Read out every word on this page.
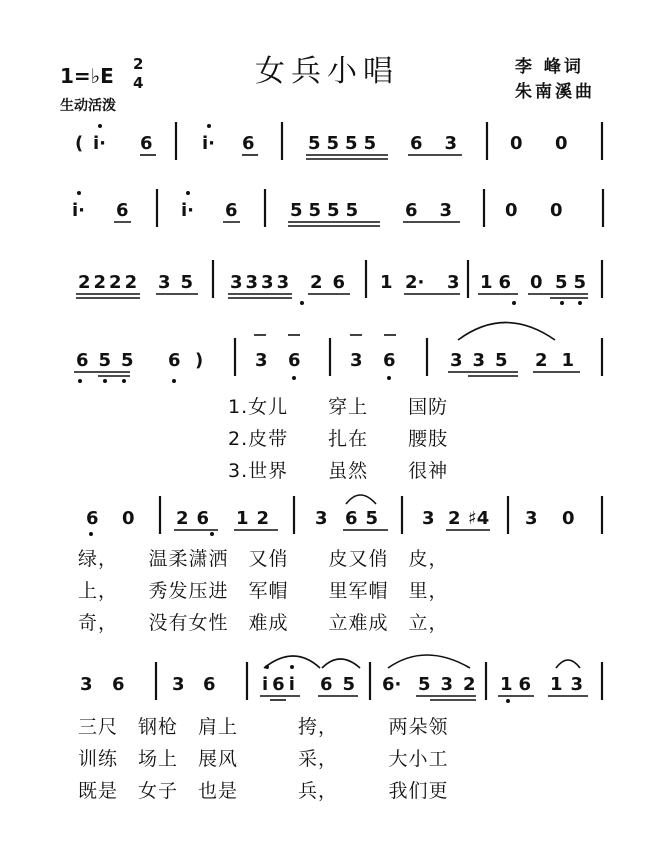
1=♭E
生动活泼
2
4	女兵小唱	李 峰词
朱南溪曲
( i· 6	i· 6	5555 63 0 0
i· 6	i· 6	5555 63 0 0
2222 35 3333 26 1 2· 3 16 0 55
655 6 )	3 6	3 6	335 21
1.女儿　　穿上　　国防
2.皮带　　扎在　　腰肢
3.世界　　虽然　　很神
6 0 26 12 3 65 3 2 ♯4 3 0
绿，　　温柔潇洒　又俏　　皮又俏　皮，
上，　　秀发压进　军帽　　里军帽　里，
奇，　　没有女性　难成　　立难成　立，
3 6	3 6	i6i 65 6· 532 16 13
三尺　钢枪　肩上　　　挎，　　　两朵领
训练　场上　展风　　　采，　　　大小工
既是　女子　也是　　　兵，　　　我们更
